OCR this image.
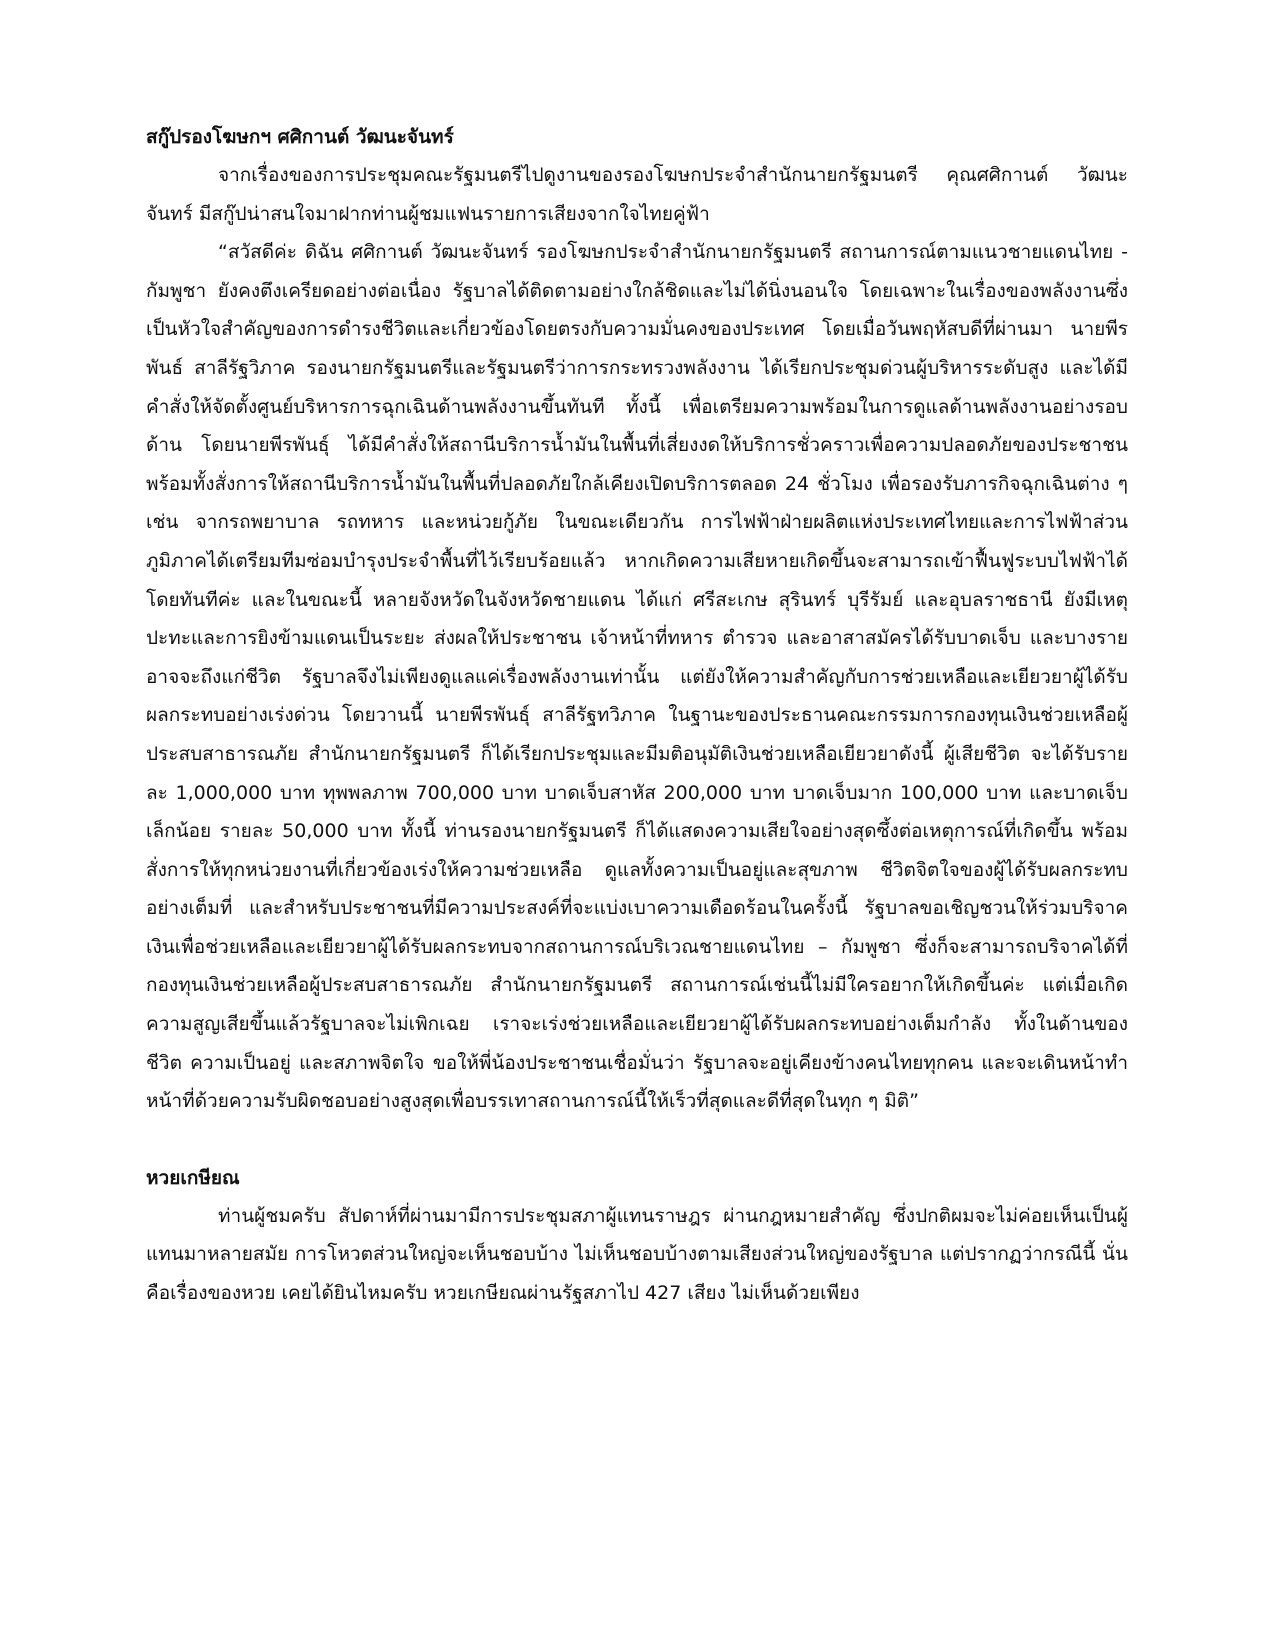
สกู๊ปรองโฆษกฯ ศศิกานต์ วัฒนะจันทร์

จากเรื่องของการประชุมคณะรัฐมนตรีไปดูงานของรองโฆษกประจำสำนักนายกรัฐมนตรี คุณศศิกานต์ วัฒนะจันทร์ มีสกู๊ปน่าสนใจมาฝากท่านผู้ชมแฟนรายการเสียงจากใจไทยคู่ฟ้า

“สวัสดีค่ะ ดิฉัน ศศิกานต์ วัฒนะจันทร์ รองโฆษกประจำสำนักนายกรัฐมนตรี สถานการณ์ตามแนวชายแดนไทย - กัมพูชา ยังคงตึงเครียดอย่างต่อเนื่อง รัฐบาลได้ติดตามอย่างใกล้ชิดและไม่ได้นิ่งนอนใจ โดยเฉพาะในเรื่องของพลังงานซึ่งเป็นหัวใจสำคัญของการดำรงชีวิตและเกี่ยวข้องโดยตรงกับความมั่นคงของประเทศ โดยเมื่อวันพฤหัสบดีที่ผ่านมา นายพีรพันธ์ สาลีรัฐวิภาค รองนายกรัฐมนตรีและรัฐมนตรีว่าการกระทรวงพลังงาน ได้เรียกประชุมด่วนผู้บริหารระดับสูง และได้มีคำสั่งให้จัดตั้งศูนย์บริหารการฉุกเฉินด้านพลังงานขึ้นทันที ทั้งนี้ เพื่อเตรียมความพร้อมในการดูแลด้านพลังงานอย่างรอบด้าน โดยนายพีรพันธุ์ ได้มีคำสั่งให้สถานีบริการน้ำมันในพื้นที่เสี่ยงงดให้บริการชั่วคราวเพื่อความปลอดภัยของประชาชน พร้อมทั้งสั่งการให้สถานีบริการน้ำมันในพื้นที่ปลอดภัยใกล้เคียงเปิดบริการตลอด 24 ชั่วโมง เพื่อรองรับภารกิจฉุกเฉินต่าง ๆ เช่น จากรถพยาบาล รถทหาร และหน่วยกู้ภัย ในขณะเดียวกัน การไฟฟ้าฝ่ายผลิตแห่งประเทศไทยและการไฟฟ้าส่วนภูมิภาคได้เตรียมทีมซ่อมบำรุงประจำพื้นที่ไว้เรียบร้อยแล้ว หากเกิดความเสียหายเกิดขึ้นจะสามารถเข้าฟื้นฟูระบบไฟฟ้าได้โดยทันทีค่ะ และในขณะนี้ หลายจังหวัดในจังหวัดชายแดน ได้แก่ ศรีสะเกษ สุรินทร์ บุรีรัมย์ และอุบลราชธานี ยังมีเหตุปะทะและการยิงข้ามแดนเป็นระยะ ส่งผลให้ประชาชน เจ้าหน้าที่ทหาร ตำรวจ และอาสาสมัครได้รับบาดเจ็บ และบางรายอาจจะถึงแก่ชีวิต รัฐบาลจึงไม่เพียงดูแลแค่เรื่องพลังงานเท่านั้น แต่ยังให้ความสำคัญกับการช่วยเหลือและเยียวยาผู้ได้รับผลกระทบอย่างเร่งด่วน โดยวานนี้ นายพีรพันธุ์ สาลีรัฐทวิภาค ในฐานะของประธานคณะกรรมการกองทุนเงินช่วยเหลือผู้ประสบสาธารณภัย สำนักนายกรัฐมนตรี ก็ได้เรียกประชุมและมีมติอนุมัติเงินช่วยเหลือเยียวยาดังนี้ ผู้เสียชีวิต จะได้รับรายละ 1,000,000 บาท ทุพพลภาพ 700,000 บาท บาดเจ็บสาหัส 200,000 บาท บาดเจ็บมาก 100,000 บาท และบาดเจ็บเล็กน้อย รายละ 50,000 บาท ทั้งนี้ ท่านรองนายกรัฐมนตรี ก็ได้แสดงความเสียใจอย่างสุดซึ้งต่อเหตุการณ์ที่เกิดขึ้น พร้อมสั่งการให้ทุกหน่วยงานที่เกี่ยวข้องเร่งให้ความช่วยเหลือ ดูแลทั้งความเป็นอยู่และสุขภาพ ชีวิตจิตใจของผู้ได้รับผลกระทบอย่างเต็มที่ และสำหรับประชาชนที่มีความประสงค์ที่จะแบ่งเบาความเดือดร้อนในครั้งนี้ รัฐบาลขอเชิญชวนให้ร่วมบริจาคเงินเพื่อช่วยเหลือและเยียวยาผู้ได้รับผลกระทบจากสถานการณ์บริเวณชายแดนไทย – กัมพูชา ซึ่งก็จะสามารถบริจาคได้ที่กองทุนเงินช่วยเหลือผู้ประสบสาธารณภัย สำนักนายกรัฐมนตรี สถานการณ์เช่นนี้ไม่มีใครอยากให้เกิดขึ้นค่ะ แต่เมื่อเกิดความสูญเสียขึ้นแล้วรัฐบาลจะไม่เพิกเฉย เราจะเร่งช่วยเหลือและเยียวยาผู้ได้รับผลกระทบอย่างเต็มกำลัง ทั้งในด้านของชีวิต ความเป็นอยู่ และสภาพจิตใจ ขอให้พี่น้องประชาชนเชื่อมั่นว่า รัฐบาลจะอยู่เคียงข้างคนไทยทุกคน และจะเดินหน้าทำหน้าที่ด้วยความรับผิดชอบอย่างสูงสุดเพื่อบรรเทาสถานการณ์นี้ให้เร็วที่สุดและดีที่สุดในทุก ๆ มิติ”

หวยเกษียณ

ท่านผู้ชมครับ สัปดาห์ที่ผ่านมามีการประชุมสภาผู้แทนราษฎร ผ่านกฎหมายสำคัญ ซึ่งปกติผมจะไม่ค่อยเห็นเป็นผู้แทนมาหลายสมัย การโหวตส่วนใหญ่จะเห็นชอบบ้าง ไม่เห็นชอบบ้างตามเสียงส่วนใหญ่ของรัฐบาล แต่ปรากฏว่ากรณีนี้ นั่นคือเรื่องของหวย เคยได้ยินไหมครับ หวยเกษียณผ่านรัฐสภาไป 427 เสียง ไม่เห็นด้วยเพียง
